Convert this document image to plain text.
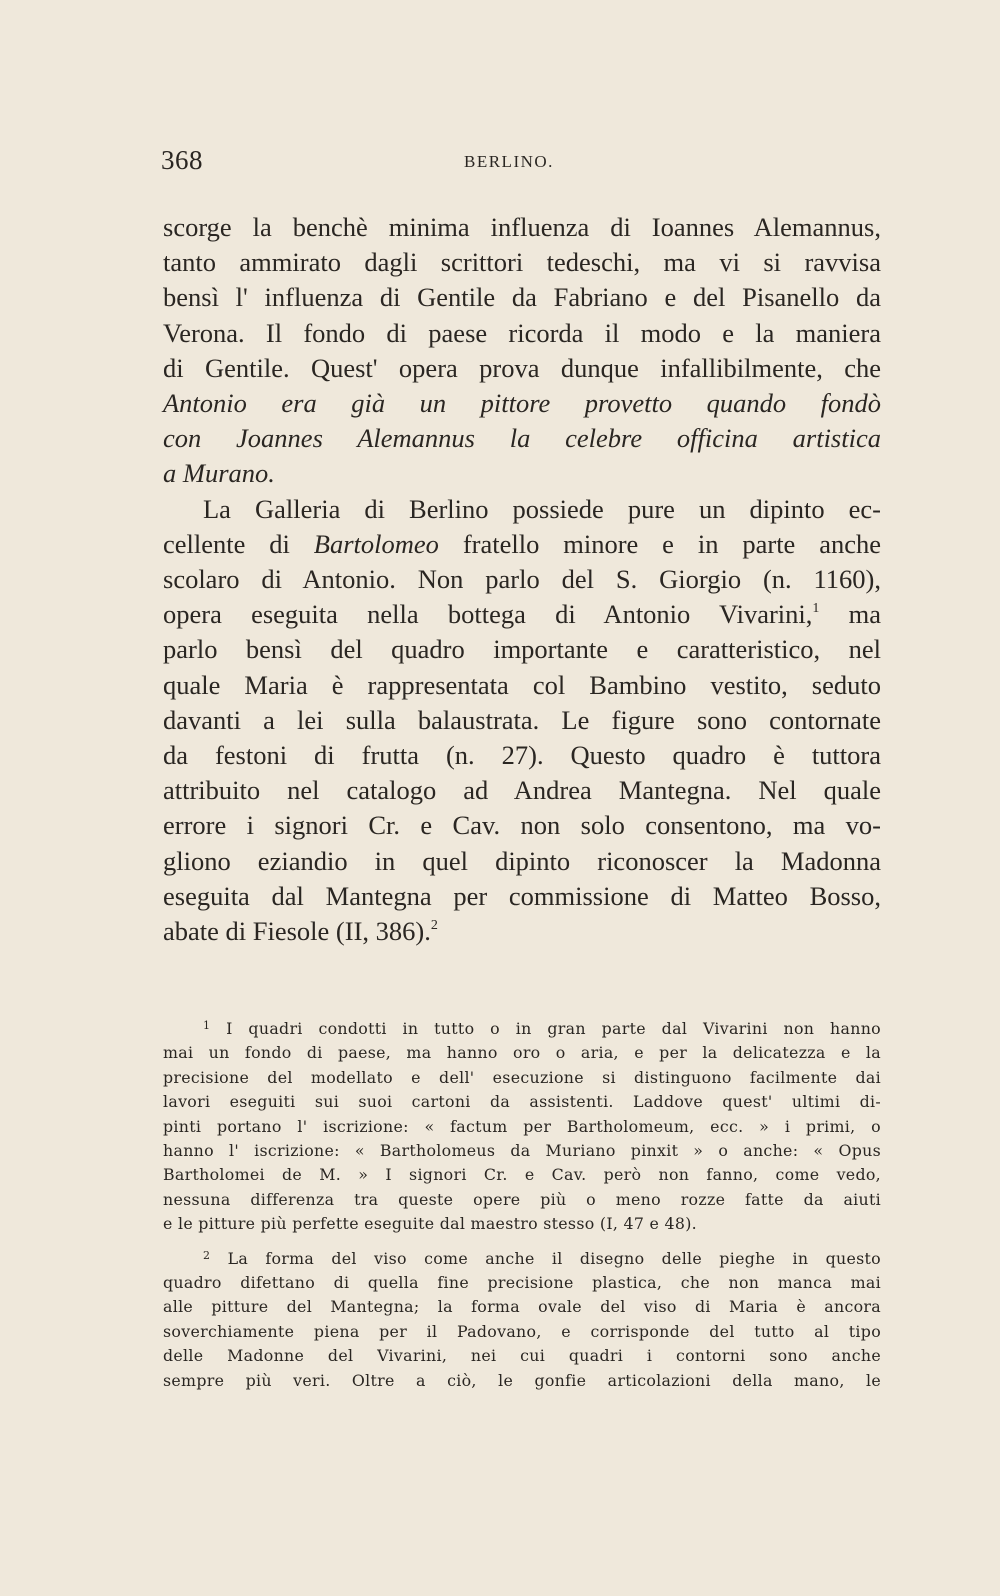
368	BERLINO.
scorge la benchè minima influenza di Ioannes Alemannus,
tanto ammirato dagli scrittori tedeschi, ma vi si ravvisa
bensì l' influenza di Gentile da Fabriano e del Pisanello da
Verona. Il fondo di paese ricorda il modo e la maniera
di Gentile. Quest' opera prova dunque infallibilmente, che
Antonio era già un pittore provetto quando fondò
con Joannes Alemannus la celebre officina artistica
a Murano.
La Galleria di Berlino possiede pure un dipinto ec-
cellente di Bartolomeo fratello minore e in parte anche
scolaro di Antonio. Non parlo del S. Giorgio (n. 1160),
opera eseguita nella bottega di Antonio Vivarini,$^1$ ma
parlo bensì del quadro importante e caratteristico, nel
quale Maria è rappresentata col Bambino vestito, seduto
davanti a lei sulla balaustrata. Le figure sono contornate
da festoni di frutta (n. 27). Questo quadro è tuttora
attribuito nel catalogo ad Andrea Mantegna. Nel quale
errore i signori Cr. e Cav. non solo consentono, ma vo-
gliono eziandio in quel dipinto riconoscer la Madonna
eseguita dal Mantegna per commissione di Matteo Bosso,
abate di Fiesole (II, 386).$^2$
$^1$ I quadri condotti in tutto o in gran parte dal Vivarini non hanno
mai un fondo di paese, ma hanno oro o aria, e per la delicatezza e la
precisione del modellato e dell' esecuzione si distinguono facilmente dai
lavori eseguiti sui suoi cartoni da assistenti. Laddove quest' ultimi di-
pinti portano l' iscrizione: « factum per Bartholomeum, ecc. » i primi, o
hanno l' iscrizione: « Bartholomeus da Muriano pinxit » o anche: « Opus
Bartholomei de M. » I signori Cr. e Cav. però non fanno, come vedo,
nessuna differenza tra queste opere più o meno rozze fatte da aiuti
e le pitture più perfette eseguite dal maestro stesso (I, 47 e 48).
$^2$ La forma del viso come anche il disegno delle pieghe in questo
quadro difettano di quella fine precisione plastica, che non manca mai
alle pitture del Mantegna; la forma ovale del viso di Maria è ancora
soverchiamente piena per il Padovano, e corrisponde del tutto al tipo
delle Madonne del Vivarini, nei cui quadri i contorni sono anche
sempre più veri. Oltre a ciò, le gonfie articolazioni della mano, le
